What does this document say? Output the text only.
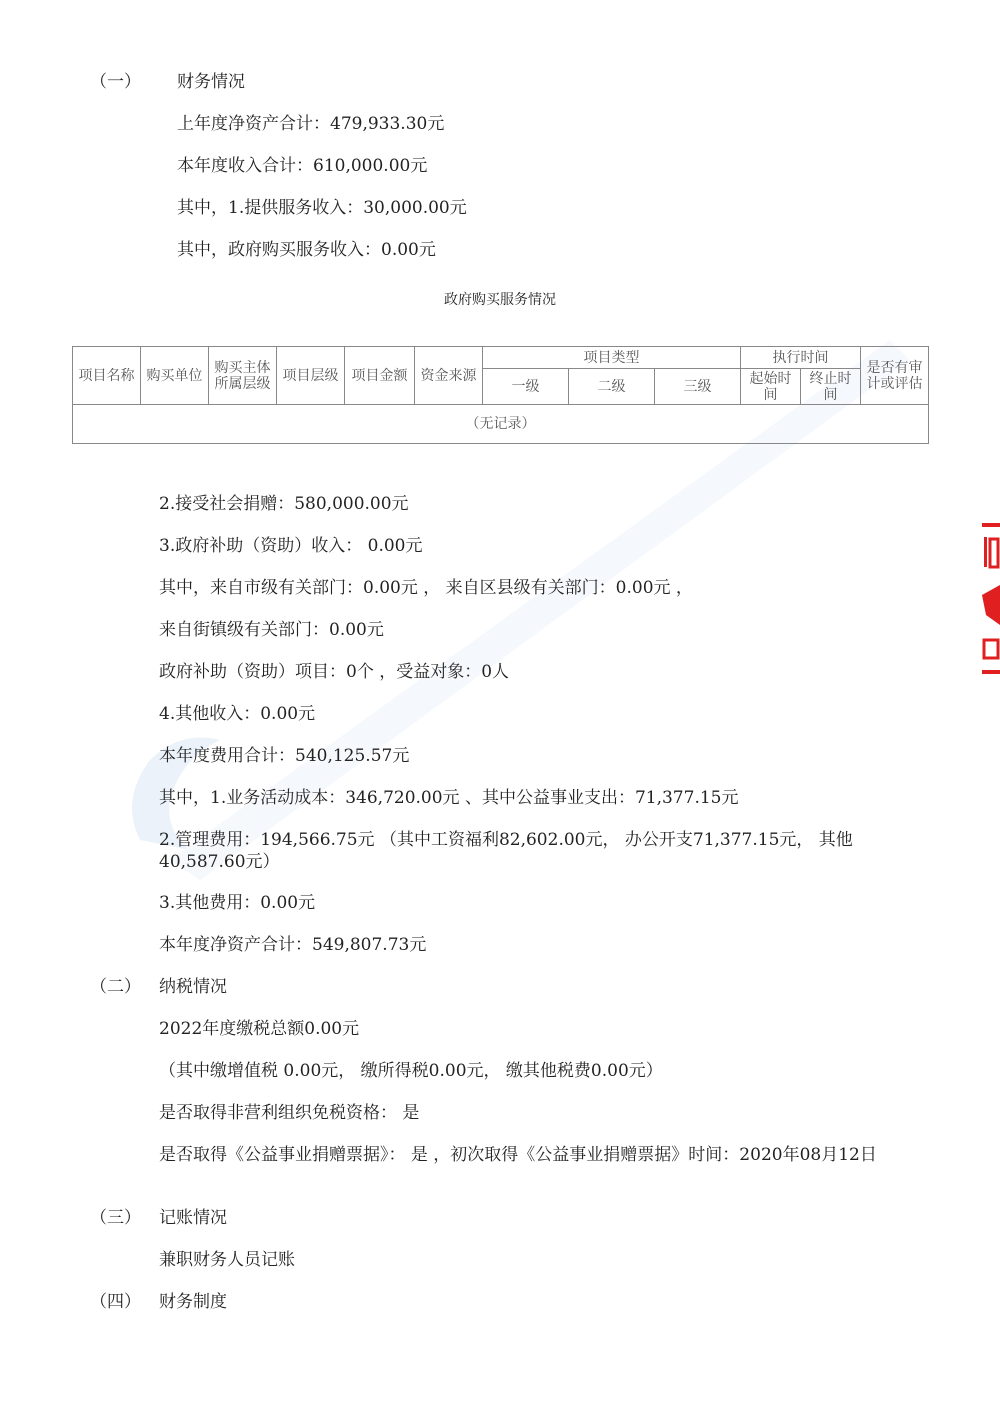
（一） 财务情况
上年度净资产合计：479,933.30元
本年度收入合计：610,000.00元
其中，1.提供服务收入：30,000.00元
其中，政府购买服务收入：0.00元
政府购买服务情况
项目名称	购买单位	购买主体所属层级	项目层级	项目金额	资金来源	项目类型			执行时间		是否有审计或评估
						一级	二级	三级	起始时间	终止时间	
（无记录）											
2.接受社会捐赠：580,000.00元
3.政府补助（资助）收入： 0.00元
其中，来自市级有关部门：0.00元 ， 来自区县级有关部门：0.00元 ，
来自街镇级有关部门：0.00元
政府补助（资助）项目：0个 ，受益对象：0人
4.其他收入：0.00元
本年度费用合计：540,125.57元
其中，1.业务活动成本：346,720.00元 、其中公益事业支出：71,377.15元
2.管理费用：194,566.75元 （其中工资福利82,602.00元， 办公开支71,377.15元， 其他40,587.60元）
3.其他费用：0.00元
本年度净资产合计：549,807.73元
（二） 纳税情况
2022年度缴税总额0.00元
（其中缴增值税 0.00元， 缴所得税0.00元， 缴其他税费0.00元）
是否取得非营利组织免税资格： 是
是否取得《公益事业捐赠票据》： 是 ，初次取得《公益事业捐赠票据》时间：2020年08月12日
（三） 记账情况
兼职财务人员记账
（四） 财务制度
